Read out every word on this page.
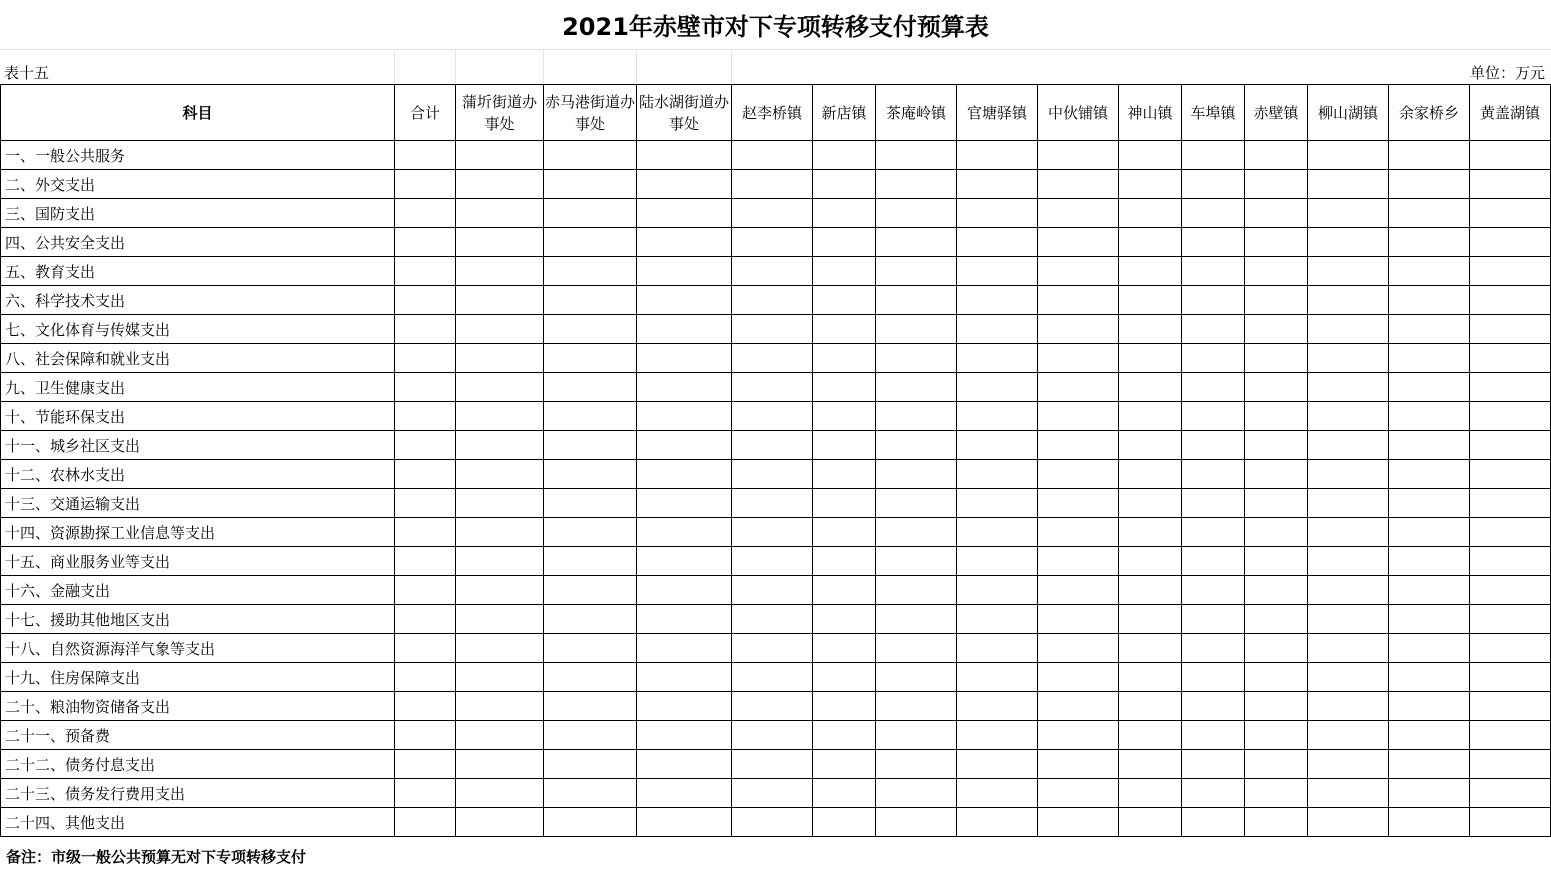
2021年赤壁市对下专项转移支付预算表
表十五	单位：万元
科目	合计	蒲圻街道办事处	赤马港街道办事处	陆水湖街道办事处	赵李桥镇	新店镇	茶庵岭镇	官塘驿镇	中伙铺镇	神山镇	车埠镇	赤壁镇	柳山湖镇	余家桥乡	黄盖湖镇
一、一般公共服务															
二、外交支出															
三、国防支出															
四、公共安全支出															
五、教育支出															
六、科学技术支出															
七、文化体育与传媒支出															
八、社会保障和就业支出															
九、卫生健康支出															
十、节能环保支出															
十一、城乡社区支出															
十二、农林水支出															
十三、交通运输支出															
十四、资源勘探工业信息等支出															
十五、商业服务业等支出															
十六、金融支出															
十七、援助其他地区支出															
十八、自然资源海洋气象等支出															
十九、住房保障支出															
二十、粮油物资储备支出															
二十一、预备费															
二十二、债务付息支出															
二十三、债务发行费用支出															
二十四、其他支出															
备注：市级一般公共预算无对下专项转移支付
